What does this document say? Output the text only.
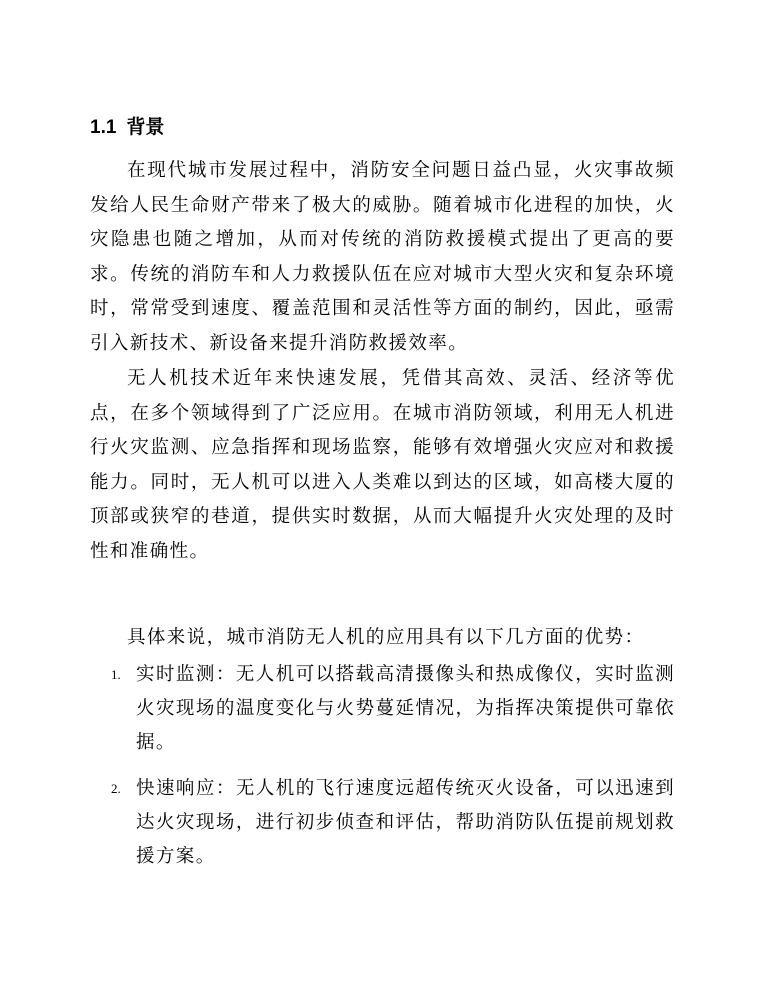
1.1 背景

在现代城市发展过程中，消防安全问题日益凸显，火灾事故频发给人民生命财产带来了极大的威胁。随着城市化进程的加快，火灾隐患也随之增加，从而对传统的消防救援模式提出了更高的要求。传统的消防车和人力救援队伍在应对城市大型火灾和复杂环境时，常常受到速度、覆盖范围和灵活性等方面的制约，因此，亟需引入新技术、新设备来提升消防救援效率。

无人机技术近年来快速发展，凭借其高效、灵活、经济等优点，在多个领域得到了广泛应用。在城市消防领域，利用无人机进行火灾监测、应急指挥和现场监察，能够有效增强火灾应对和救援能力。同时，无人机可以进入人类难以到达的区域，如高楼大厦的顶部或狭窄的巷道，提供实时数据，从而大幅提升火灾处理的及时性和准确性。

具体来说，城市消防无人机的应用具有以下几方面的优势：

1. 实时监测：无人机可以搭载高清摄像头和热成像仪，实时监测火灾现场的温度变化与火势蔓延情况，为指挥决策提供可靠依据。
2. 快速响应：无人机的飞行速度远超传统灭火设备，可以迅速到达火灾现场，进行初步侦查和评估，帮助消防队伍提前规划救援方案。
